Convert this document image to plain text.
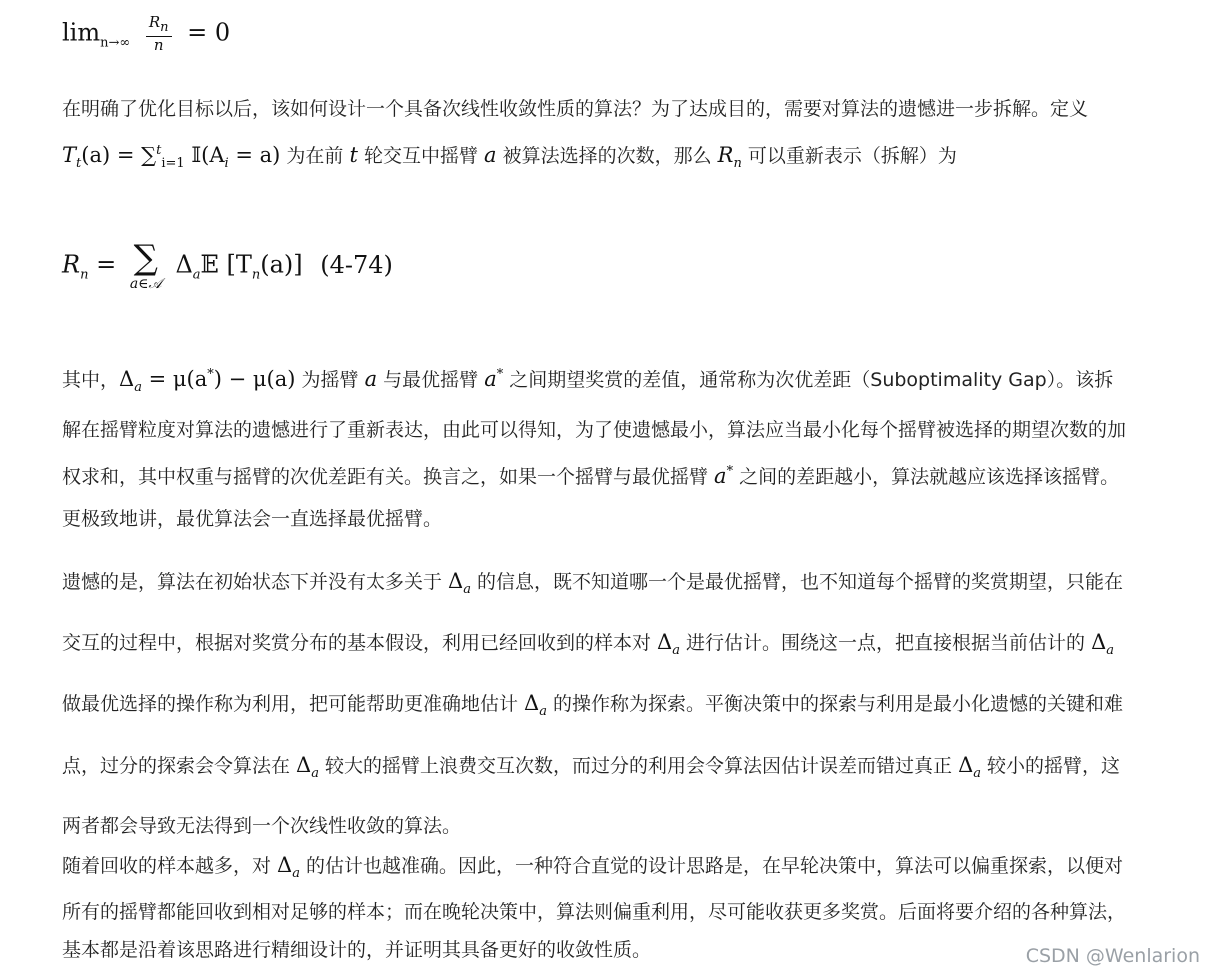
$\lim_{n\to\infty} \frac{R_n}{n} = 0$

在明确了优化目标以后，该如何设计一个具备次线性收敛性质的算法？为了达成目的，需要对算法的遗憾进一步拆解。定义 $T_t(a) = \sum^t_{i=1}$ $𝕀(A_i = a)$ 为在前 t 轮交互中摇臂 a 被算法选择的次数，那么 $R_n$ 可以重新表示（拆解）为

$R_n$ = ∑
a∈𝒜
$\Delta_a𝔼$ $[T_n(a)]$ (4-74)

其中，$\Delta_a = \mu(a^*) - \mu(a)$ 为摇臂 a 与最优摇臂 a* 之间期望奖赏的差值，通常称为次优差距（Suboptimality Gap）。该拆解在摇臂粒度对算法的遗憾进行了重新表达，由此可以得知，为了使遗憾最小，算法应当最小化每个摇臂被选择的期望次数的加权求和，其中权重与摇臂的次优差距有关。换言之，如果一个摇臂与最优摇臂 a* 之间的差距越小，算法就越应该选择该摇臂。更极致地讲，最优算法会一直选择最优摇臂。

遗憾的是，算法在初始状态下并没有太多关于 $\Delta_a$ 的信息，既不知道哪一个是最优摇臂，也不知道每个摇臂的奖赏期望，只能在交互的过程中，根据对奖赏分布的基本假设，利用已经回收到的样本对 $\Delta_a$ 进行估计。围绕这一点，把直接根据当前估计的 $\Delta_a$ 做最优选择的操作称为利用，把可能帮助更准确地估计 $\Delta_a$ 的操作称为探索。平衡决策中的探索与利用是最小化遗憾的关键和难点，过分的探索会令算法在 $\Delta_a$ 较大的摇臂上浪费交互次数，而过分的利用会令算法因估计误差而错过真正 $\Delta_a$ 较小的摇臂，这两者都会导致无法得到一个次线性收敛的算法。

随着回收的样本越多，对 $\Delta_a$ 的估计也越准确。因此，一种符合直觉的设计思路是，在早轮决策中，算法可以偏重探索，以便对所有的摇臂都能回收到相对足够的样本；而在晚轮决策中，算法则偏重利用，尽可能收获更多奖赏。后面将要介绍的各种算法，基本都是沿着该思路进行精细设计的，并证明其具备更好的收敛性质。	CSDN @Wenlarion
